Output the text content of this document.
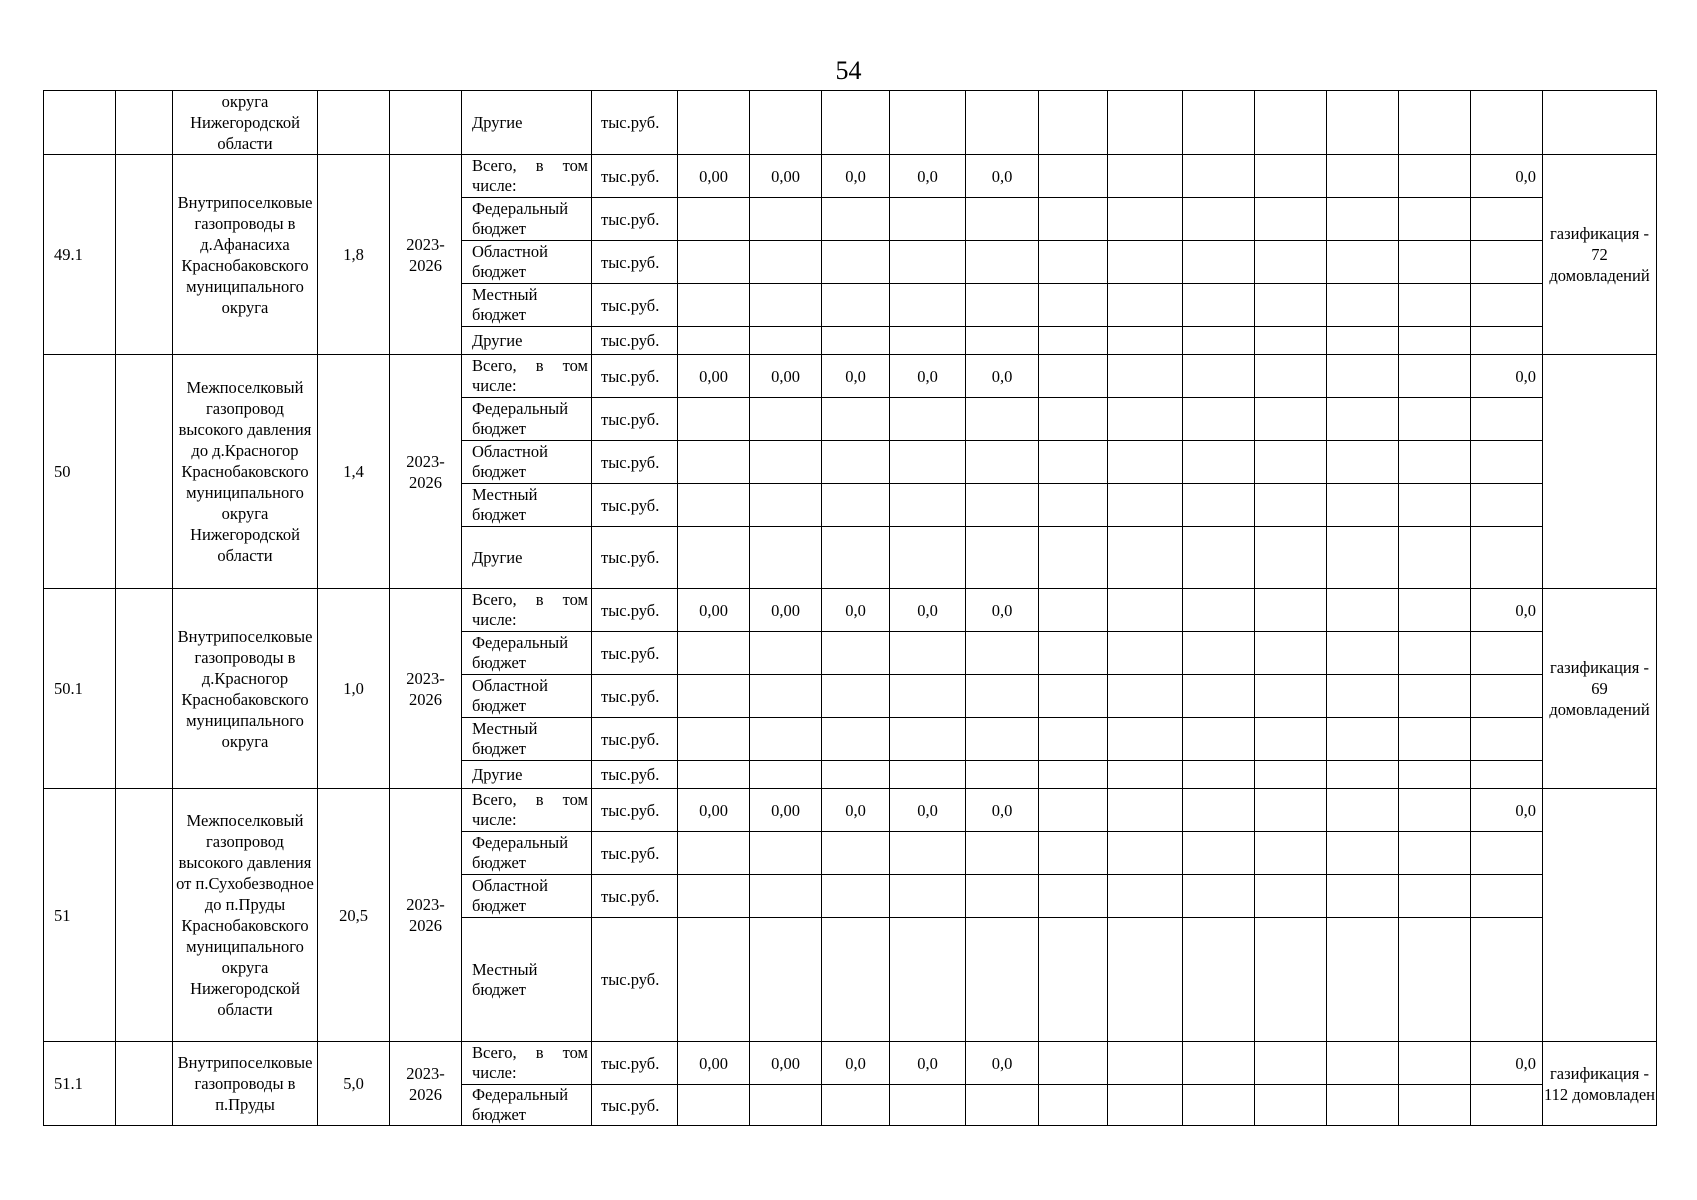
54
		округа Нижегородской области			Другие	тыс.руб.													
49.1		Внутрипоселковые газопроводы в д.Афанасиха Краснобаковского муниципального округа	1,8	2023-2026	Всего, в том числе:	тыс.руб.	0,00	0,00	0,0	0,0	0,0							0,0	газификация - 72 домовладений
					Федеральный бюджет	тыс.руб.													
					Областной бюджет	тыс.руб.													
					Местный бюджет	тыс.руб.													
					Другие	тыс.руб.													
50		Межпоселковый газопровод высокого давления до д.Красногор Краснобаковского муниципального округа Нижегородской области	1,4	2023-2026	Всего, в том числе:	тыс.руб.	0,00	0,00	0,0	0,0	0,0							0,0	
					Федеральный бюджет	тыс.руб.													
					Областной бюджет	тыс.руб.													
					Местный бюджет	тыс.руб.													
					Другие	тыс.руб.													
50.1		Внутрипоселковые газопроводы в д.Красногор Краснобаковского муниципального округа	1,0	2023-2026	Всего, в том числе:	тыс.руб.	0,00	0,00	0,0	0,0	0,0							0,0	газификация - 69 домовладений
					Федеральный бюджет	тыс.руб.													
					Областной бюджет	тыс.руб.													
					Местный бюджет	тыс.руб.													
					Другие	тыс.руб.													
51		Межпоселковый газопровод высокого давления от п.Сухобезводное до п.Пруды Краснобаковского муниципального округа Нижегородской области	20,5	2023-2026	Всего, в том числе:	тыс.руб.	0,00	0,00	0,0	0,0	0,0							0,0	
					Федеральный бюджет	тыс.руб.													
					Областной бюджет	тыс.руб.													
					Местный бюджет	тыс.руб.													
51.1		Внутрипоселковые газопроводы в п.Пруды	5,0	2023-2026	Всего, в том числе:	тыс.руб.	0,00	0,00	0,0	0,0	0,0							0,0	газификация - 112 домовладен
					Федеральный бюджет	тыс.руб.													
